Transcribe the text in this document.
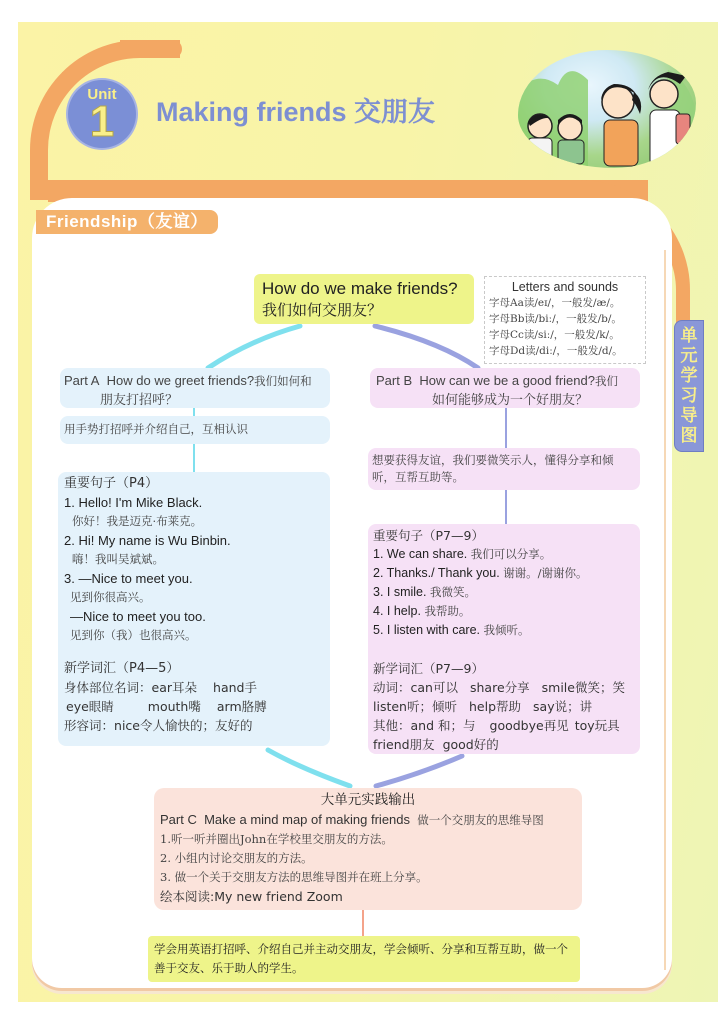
Unit
1 Making friends 交朋友
Friendship（友谊）
单
元
学
习
导
图
How do we make friends?
我们如何交朋友？
Letters and sounds
字母Aa读/eɪ/，一般发/æ/。
字母Bb读/biː/，一般发/b/。
字母Cc读/siː/，一般发/k/。
字母Dd读/diː/，一般发/d/。
Part A How do we greet friends?我们如何和
朋友打招呼？
用手势打招呼并介绍自己，互相认识
重要句子（P4）
1. Hello! I'm Mike Black.
你好！我是迈克·布莱克。
2. Hi! My name is Wu Binbin.
嗨！我叫吴斌斌。
3. —Nice to meet you.
见到你很高兴。
—Nice to meet you too.
见到你（我）也很高兴。
新学词汇（P4—5）
身体部位名词：ear耳朵 hand手
eye眼睛	mouth嘴 arm胳膊
形容词：nice令人愉快的；友好的
Part B How can we be a good friend?我们
如何能够成为一个好朋友？
想要获得友谊，我们要微笑示人，懂得分享和倾听，互帮互助等。
重要句子（P7—9）
1. We can share. 我们可以分享。
2. Thanks./ Thank you. 谢谢。/谢谢你。
3. I smile. 我微笑。
4. I help. 我帮助。
5. I listen with care. 我倾听。
新学词汇（P7—9）
动词：can可以 share分享 smile微笑；笑
listen听；倾听 help帮助 say说；讲
其他：and 和；与 goodbye再见 toy玩具
friend朋友 good好的
大单元实践输出
Part C Make a mind map of making friends 做一个交朋友的思维导图
1.听一听并圈出John在学校里交朋友的方法。
2. 小组内讨论交朋友的方法。
3. 做一个关于交朋友方法的思维导图并在班上分享。
绘本阅读:My new friend Zoom
学会用英语打招呼、介绍自己并主动交朋友，学会倾听、分享和互帮互助，做一个善于交友、乐于助人的学生。
